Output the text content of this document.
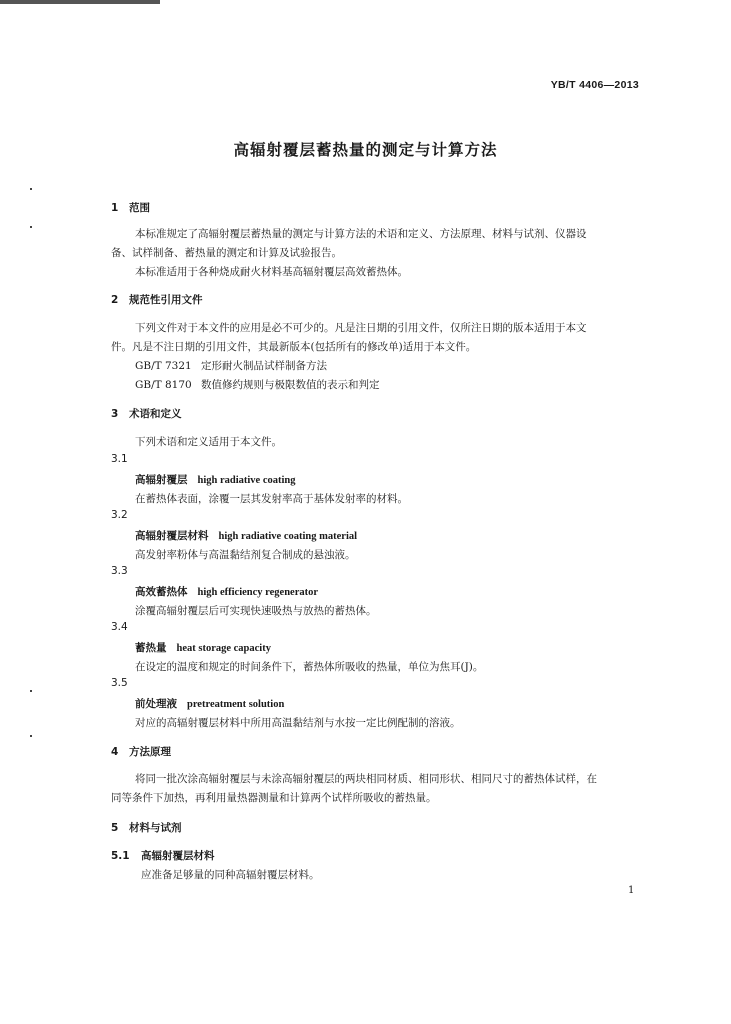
YB/T 4406—2013
高辐射覆层蓄热量的测定与计算方法
1 范围
本标准规定了高辐射覆层蓄热量的测定与计算方法的术语和定义、方法原理、材料与试剂、仪器设
备、试样制备、蓄热量的测定和计算及试验报告。
本标准适用于各种烧成耐火材料基高辐射覆层高效蓄热体。
2 规范性引用文件
下列文件对于本文件的应用是必不可少的。凡是注日期的引用文件，仅所注日期的版本适用于本文
件。凡是不注日期的引用文件，其最新版本(包括所有的修改单)适用于本文件。
GB/T 7321 定形耐火制品试样制备方法
GB/T 8170 数值修约规则与极限数值的表示和判定
3 术语和定义
下列术语和定义适用于本文件。
3.1
高辐射覆层 high radiative coating
在蓄热体表面，涂覆一层其发射率高于基体发射率的材料。
3.2
高辐射覆层材料 high radiative coating material
高发射率粉体与高温黏结剂复合制成的悬浊液。
3.3
高效蓄热体 high efficiency regenerator
涂覆高辐射覆层后可实现快速吸热与放热的蓄热体。
3.4
蓄热量 heat storage capacity
在设定的温度和规定的时间条件下，蓄热体所吸收的热量，单位为焦耳(J)。
3.5
前处理液 pretreatment solution
对应的高辐射覆层材料中所用高温黏结剂与水按一定比例配制的溶液。
4 方法原理
将同一批次涂高辐射覆层与未涂高辐射覆层的两块相同材质、相同形状、相同尺寸的蓄热体试样，在
同等条件下加热，再利用量热器测量和计算两个试样所吸收的蓄热量。
5 材料与试剂
5.1 高辐射覆层材料
应准备足够量的同种高辐射覆层材料。
1
